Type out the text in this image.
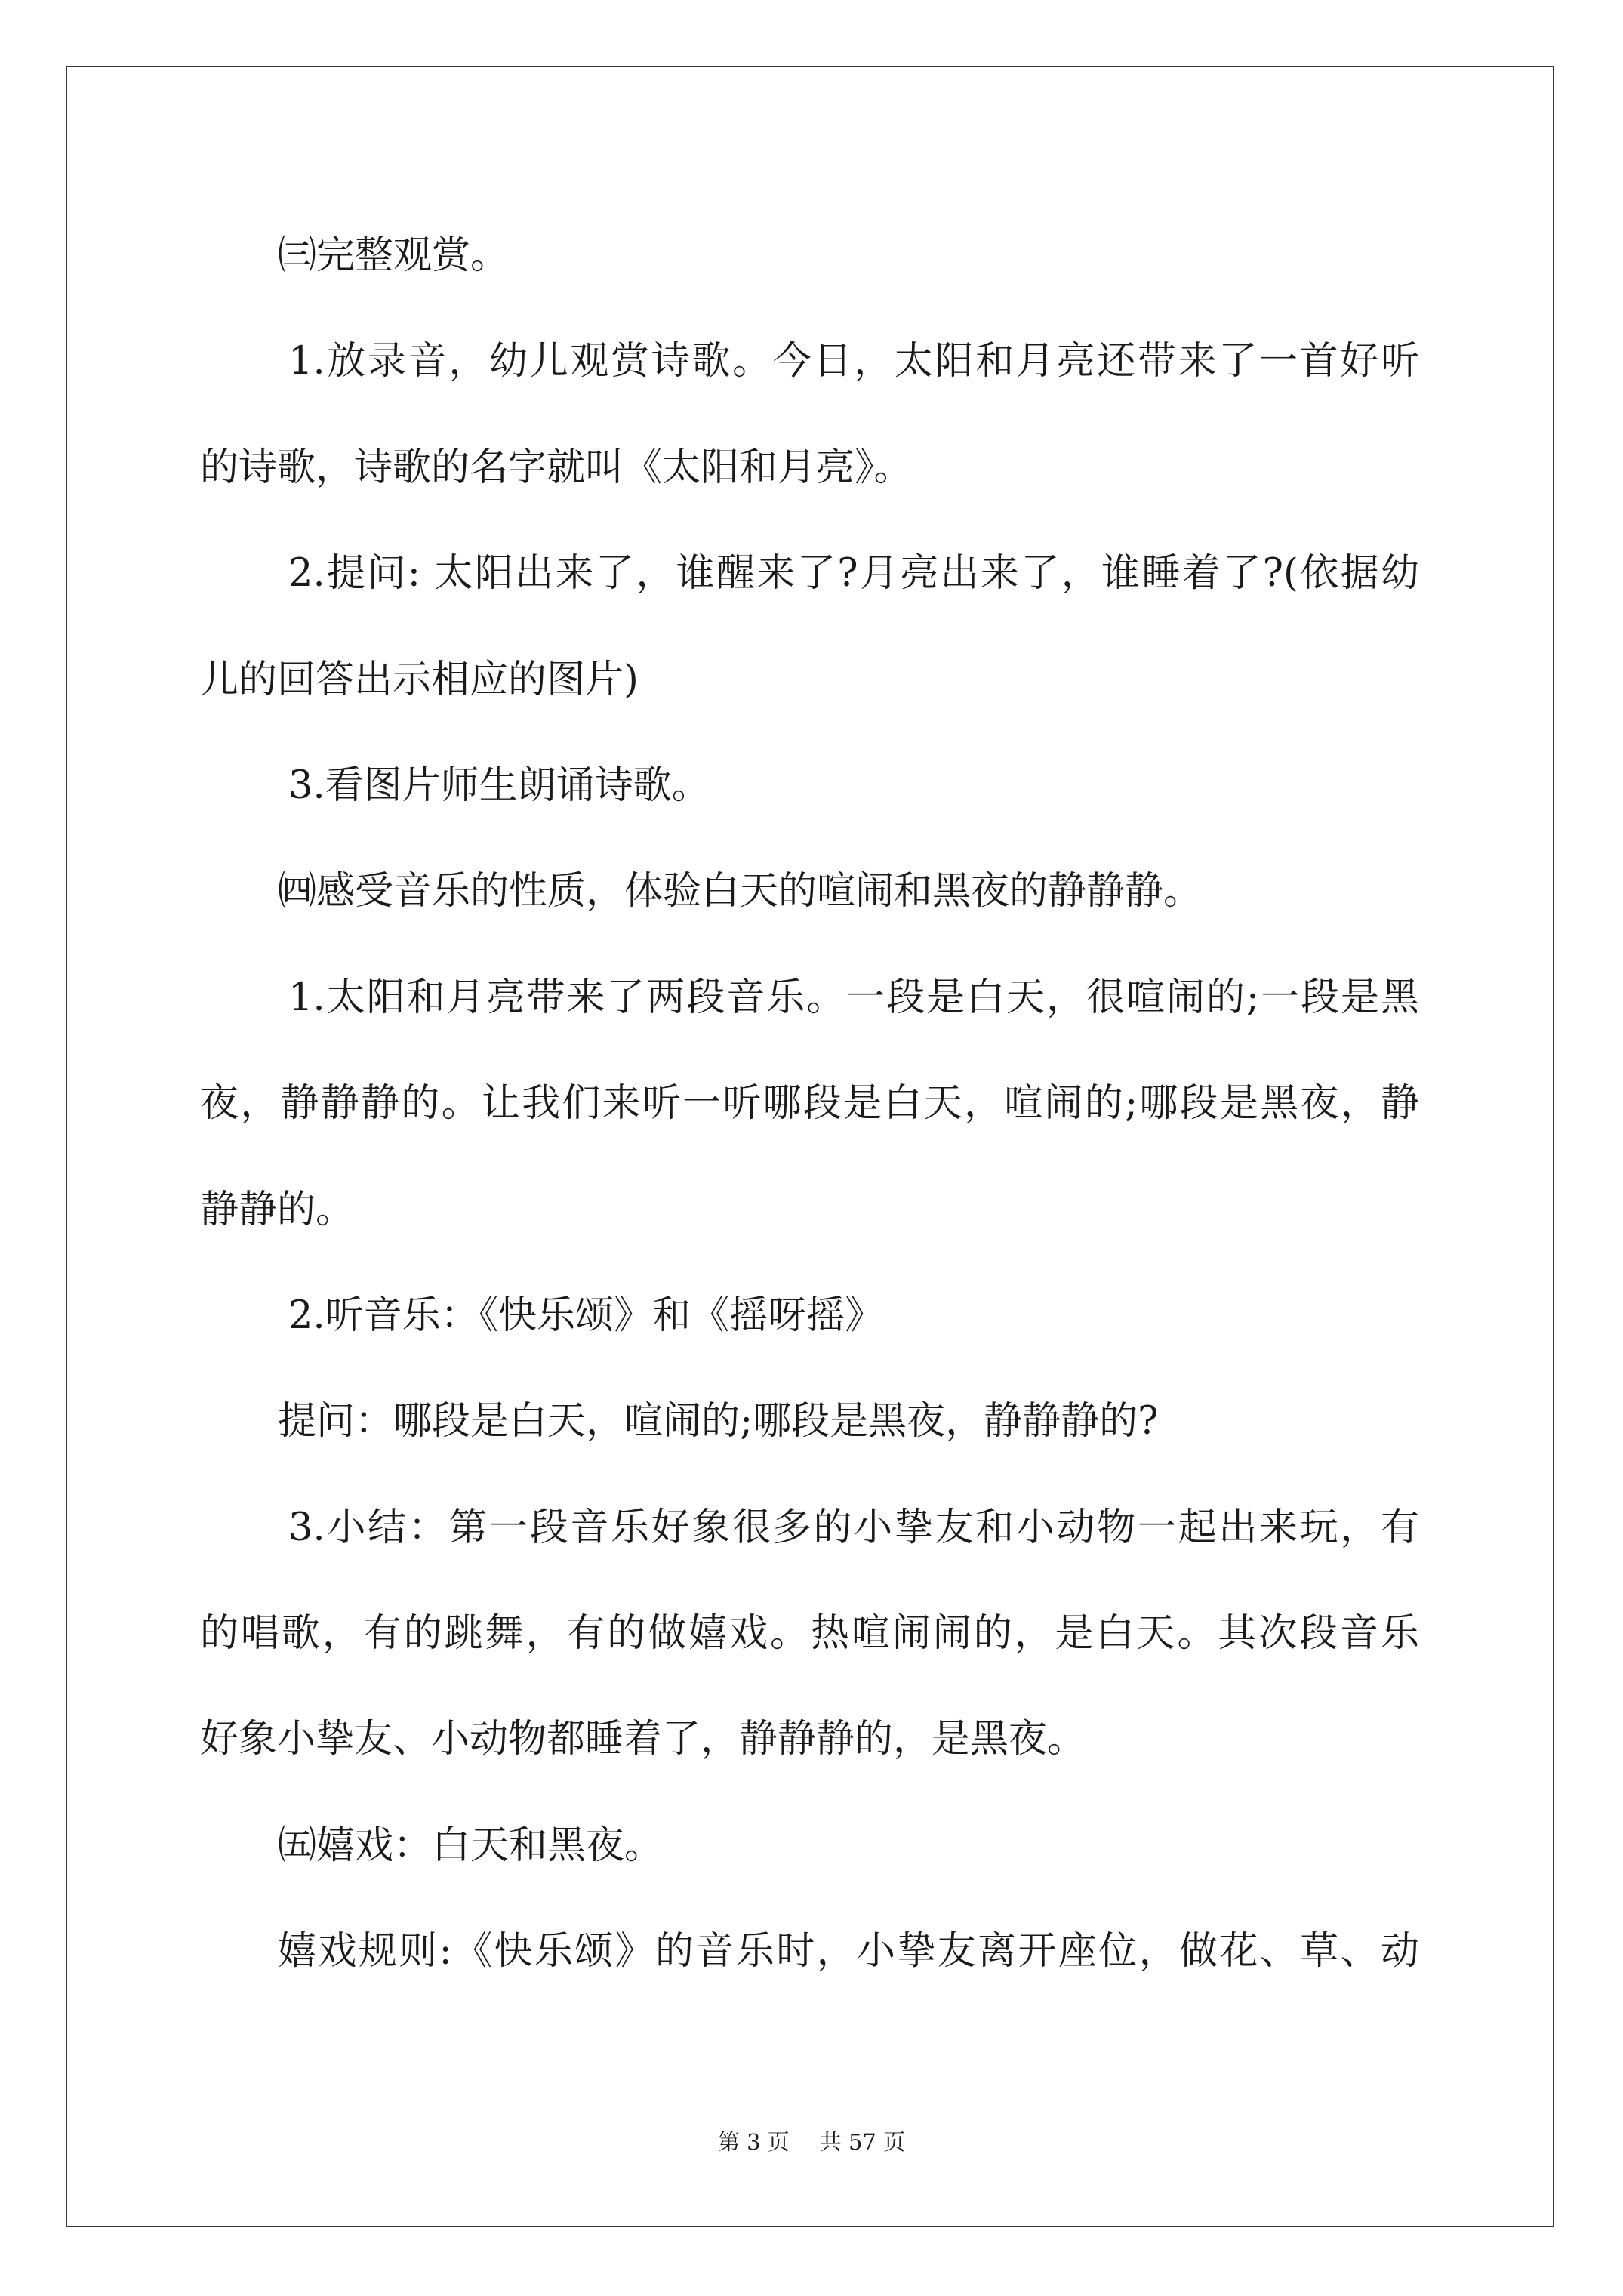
㈢完整观赏。
1.放录音，幼儿观赏诗歌。今日，太阳和月亮还带来了一首好听
的诗歌，诗歌的名字就叫《太阳和月亮》。
2.提问: 太阳出来了，谁醒来了?月亮出来了，谁睡着了?(依据幼
儿的回答出示相应的图片)
3.看图片师生朗诵诗歌。
㈣感受音乐的性质，体验白天的喧闹和黑夜的静静静。
1.太阳和月亮带来了两段音乐。一段是白天，很喧闹的;一段是黑
夜，静静静的。让我们来听一听哪段是白天，喧闹的;哪段是黑夜，静
静静的。
2.听音乐：《快乐颂》和《摇呀摇》
提问：哪段是白天，喧闹的;哪段是黑夜，静静静的?
3.小结：第一段音乐好象很多的小挚友和小动物一起出来玩，有
的唱歌，有的跳舞，有的做嬉戏。热喧闹闹的，是白天。其次段音乐
好象小挚友、小动物都睡着了，静静静的，是黑夜。
㈤嬉戏：白天和黑夜。
嬉戏规则:《快乐颂》的音乐时，小挚友离开座位，做花、草、动
第 3 页 共 57 页
